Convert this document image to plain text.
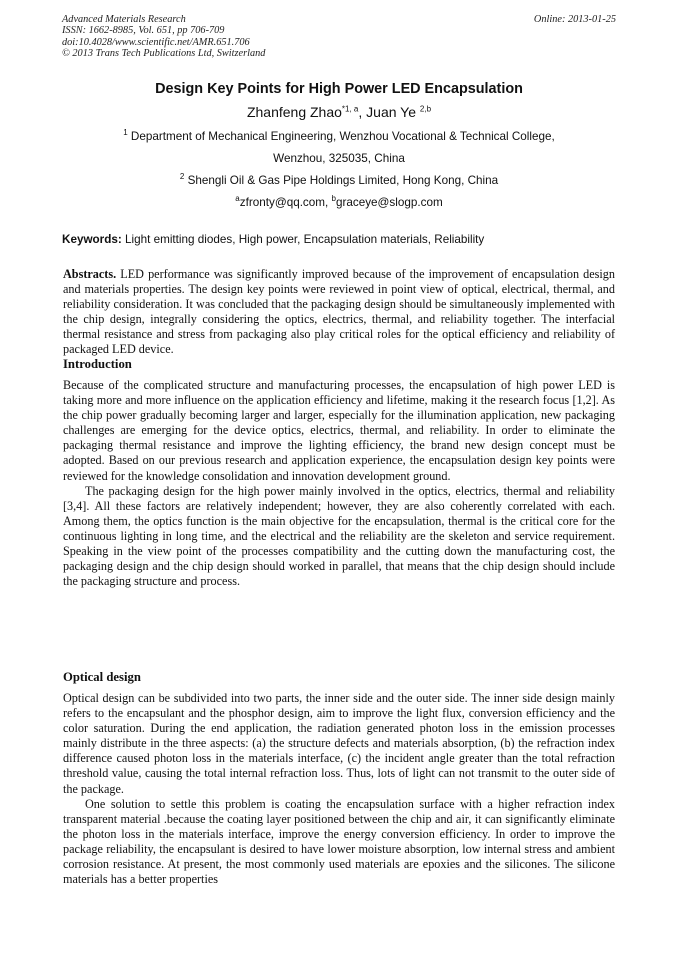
Advanced Materials Research
ISSN: 1662-8985, Vol. 651, pp 706-709
doi:10.4028/www.scientific.net/AMR.651.706
© 2013 Trans Tech Publications Ltd, Switzerland
Online: 2013-01-25
Design Key Points for High Power LED Encapsulation
Zhanfeng Zhao$^{*1, a}$, Juan Ye $^{2,b}$
$^1$ Department of Mechanical Engineering, Wenzhou Vocational & Technical College,
Wenzhou, 325035, China
$^2$ Shengli Oil & Gas Pipe Holdings Limited, Hong Kong, China
$^a$zfronty@qq.com, $^b$graceye@slogp.com
Keywords: Light emitting diodes, High power, Encapsulation materials, Reliability
Abstracts. LED performance was significantly improved because of the improvement of encapsulation design and materials properties. The design key points were reviewed in point view of optical, electrical, thermal, and reliability consideration. It was concluded that the packaging design should be simultaneously implemented with the chip design, integrally considering the optics, electrics, thermal, and reliability together. The interfacial thermal resistance and stress from packaging also play critical roles for the optical efficiency and reliability of packaged LED device.
Introduction

Because of the complicated structure and manufacturing processes, the encapsulation of high power LED is taking more and more influence on the application efficiency and lifetime, making it the research focus [1,2]. As the chip power gradually becoming larger and larger, especially for the illumination application, new packaging challenges are emerging for the device optics, electrics, thermal, and reliability. In order to eliminate the packaging thermal resistance and improve the lighting efficiency, the brand new design concept must be adopted. Based on our previous research and application experience, the encapsulation design key points were reviewed for the knowledge consolidation and innovation development ground.

The packaging design for the high power mainly involved in the optics, electrics, thermal and reliability [3,4]. All these factors are relatively independent; however, they are also coherently correlated with each. Among them, the optics function is the main objective for the encapsulation, thermal is the critical core for the continuous lighting in long time, and the electrical and the reliability are the skeleton and service requirement. Speaking in the view point of the processes compatibility and the cutting down the manufacturing cost, the packaging design and the chip design should worked in parallel, that means that the chip design should include the packaging structure and process.

Optical design

Optical design can be subdivided into two parts, the inner side and the outer side. The inner side design mainly refers to the encapsulant and the phosphor design, aim to improve the light flux, conversion efficiency and the color saturation. During the end application, the radiation generated photon loss in the emission processes mainly distribute in the three aspects: (a) the structure defects and materials absorption, (b) the refraction index difference caused photon loss in the materials interface, (c) the incident angle greater than the total refraction threshold value, causing the total internal refraction loss. Thus, lots of light can not transmit to the outer side of the package.

One solution to settle this problem is coating the encapsulation surface with a higher refraction index transparent material .because the coating layer positioned between the chip and air, it can significantly eliminate the photon loss in the materials interface, improve the energy conversion efficiency. In order to improve the package reliability, the encapsulant is desired to have lower moisture absorption, low internal stress and ambient corrosion resistance. At present, the most commonly used materials are epoxies and the silicones. The silicone materials has a better properties
